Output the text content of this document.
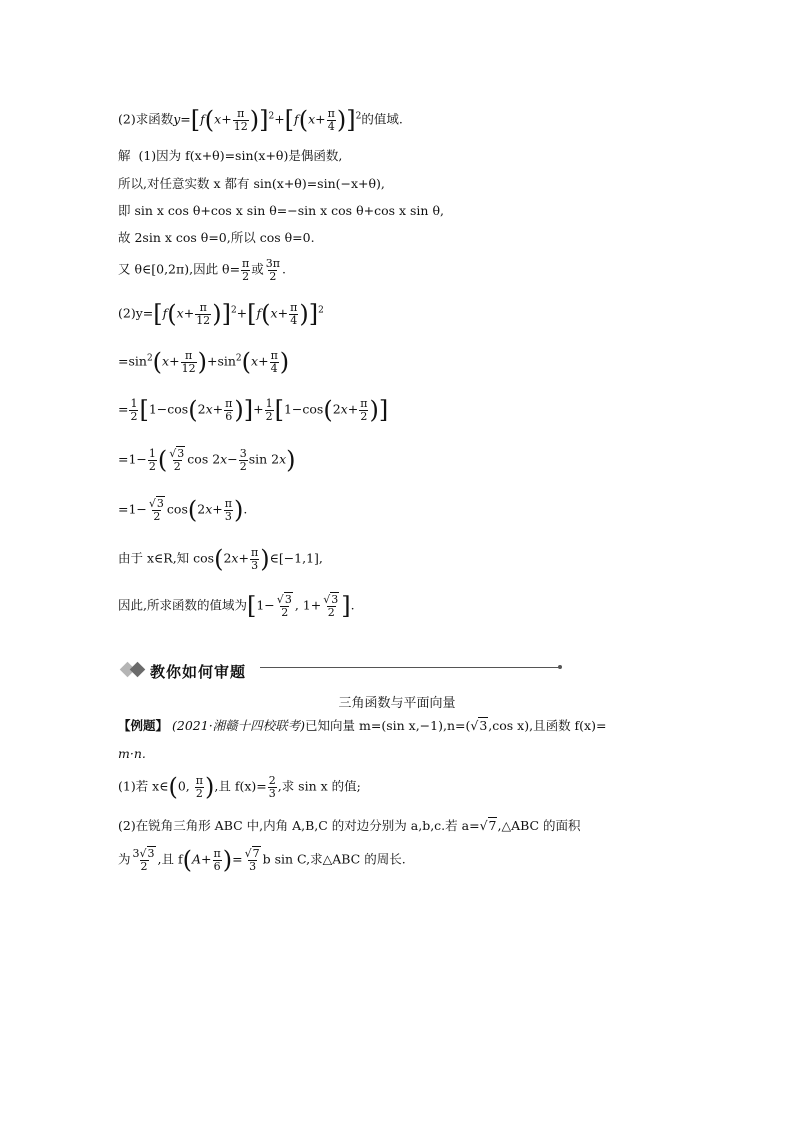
(2)求函数$y=[f(x+ \frac{\pi}{12} )]^2+[f(x+ \frac{\pi}{4} )]^2$的值域.
解 (1)因为 f(x+θ)=sin(x+θ)是偶函数,
所以,对任意实数 x 都有 sin(x+θ)=sin(−x+θ),
即 sin x cos θ+cos x sin θ=−sin x cos θ+cos x sin θ,
故 2sin x cos θ=0,所以 cos θ=0.
又 θ∈[0,2π),因此 $\theta= \frac{\pi}{2}$ 或 $\frac{3\pi}{2}$ .
$(2)y=[f(x+ \frac{\pi}{12} )]^2+[f(x+ \frac{\pi}{4} )]^2$
$=\sin^2(x+ \frac{\pi}{12} )+\sin^2(x+ \frac{\pi}{4}$ )
= $\frac{1}{2} [1-\cos(2x+ \frac{\pi}{6}$ )]+ $\frac{1}{2} [1-\cos(2x+ \frac{\pi}{2}$ )]
$=1- \frac{1}{2}$ ( $\frac{√3}{2}$ $\cos 2x- \frac{3}{2}$ sin 2x)
$=1- \frac{√3}{2} \cos(2x+ \frac{\pi}{3}$ ).
由于 x∈R,知 $\cos(2x+ \frac{\pi}{3}$ )∈[−1,1],
因此,所求函数的值域为[$1- \frac{√3}{2}$ , $1+ \frac{√3}{2}$ ].
教你如何审题
三角函数与平面向量
【例题】 (2021·湘赣十四校联考)已知向量 m=(sin x,−1),n=(√3,cos x),且函数 f(x)=
m·n.
(1)若 x∈(0, $\frac{\pi}{2}$ ),且 $f(x)= \frac{2}{3}$ ,求 sin x 的值;
(2)在锐角三角形 ABC 中,内角 A,B,C 的对边分别为 a,b,c.若 a=√7,△ABC 的面积
为 $\frac{3√3}{2}$ ,且 $f(A+ \frac{\pi}{6}$ )= $\frac{√7}{3}$ b sin C,求△ABC 的周长.
